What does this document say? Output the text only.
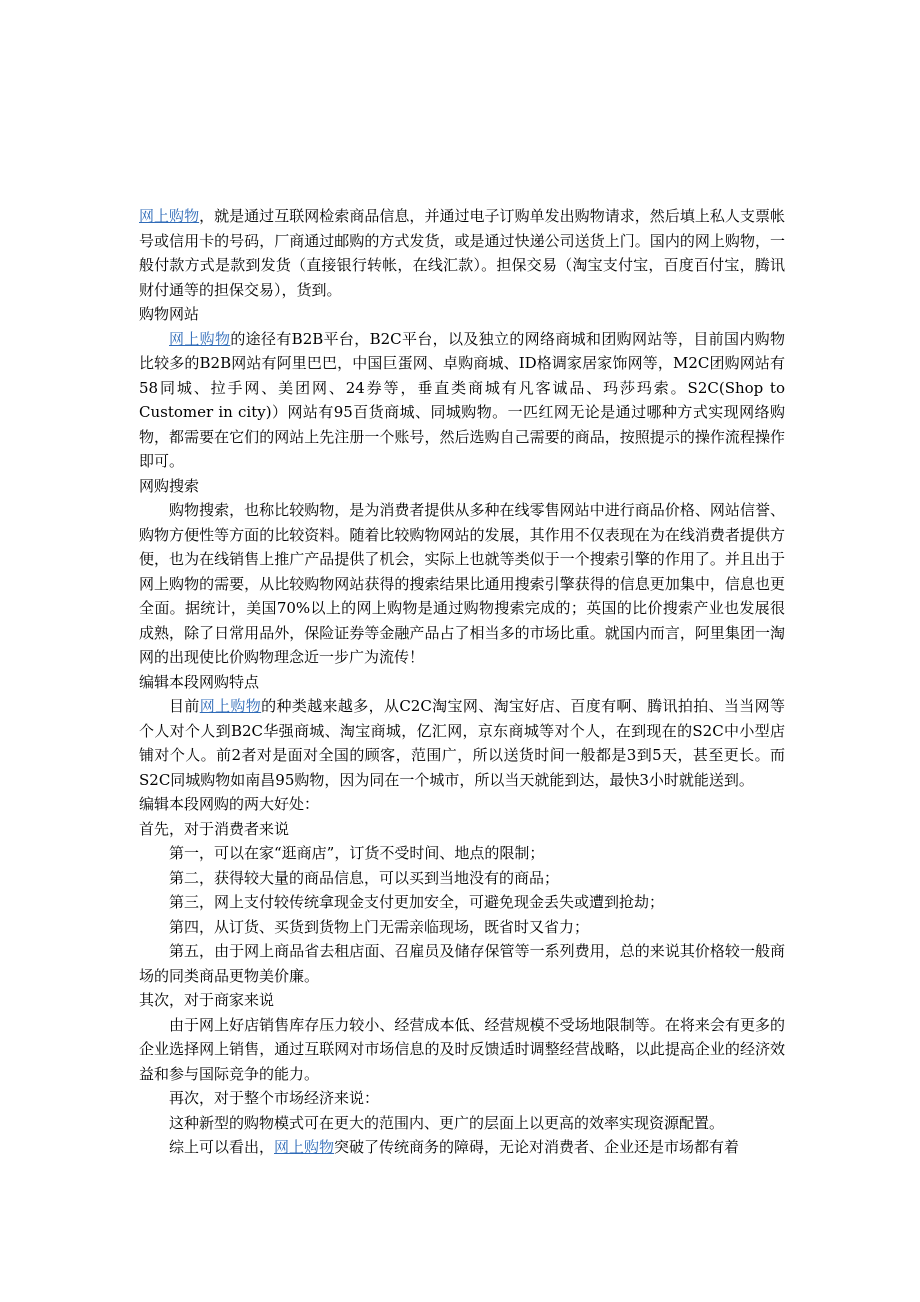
网上购物，就是通过互联网检索商品信息，并通过电子订购单发出购物请求，然后填上私人支票帐号或信用卡的号码，厂商通过邮购的方式发货，或是通过快递公司送货上门。国内的网上购物，一般付款方式是款到发货（直接银行转帐，在线汇款）。担保交易（淘宝支付宝，百度百付宝，腾讯财付通等的担保交易），货到。

购物网站

网上购物的途径有B2B平台，B2C平台，以及独立的网络商城和团购网站等，目前国内购物比较多的B2B网站有阿里巴巴，中国巨蛋网、卓购商城、ID格调家居家饰网等，M2C团购网站有58同城、拉手网、美团网、24券等，垂直类商城有凡客诚品、玛莎玛索。S2C(Shop to Customer in city)）网站有95百货商城、同城购物。一匹红网无论是通过哪种方式实现网络购物，都需要在它们的网站上先注册一个账号，然后选购自己需要的商品，按照提示的操作流程操作即可。

网购搜索

购物搜索，也称比较购物，是为消费者提供从多种在线零售网站中进行商品价格、网站信誉、购物方便性等方面的比较资料。随着比较购物网站的发展，其作用不仅表现在为在线消费者提供方便，也为在线销售上推广产品提供了机会，实际上也就等类似于一个搜索引擎的作用了。并且出于网上购物的需要，从比较购物网站获得的搜索结果比通用搜索引擎获得的信息更加集中，信息也更全面。据统计，美国70%以上的网上购物是通过购物搜索完成的；英国的比价搜索产业也发展很成熟，除了日常用品外，保险证券等金融产品占了相当多的市场比重。就国内而言，阿里集团一淘网的出现使比价购物理念近一步广为流传！

编辑本段网购特点

目前网上购物的种类越来越多，从C2C淘宝网、淘宝好店、百度有啊、腾讯拍拍、当当网等个人对个人到B2C华强商城、淘宝商城，亿汇网，京东商城等对个人，在到现在的S2C中小型店铺对个人。前2者对是面对全国的顾客，范围广，所以送货时间一般都是3到5天，甚至更长。而S2C同城购物如南昌95购物，因为同在一个城市，所以当天就能到达，最快3小时就能送到。

编辑本段网购的两大好处：

首先，对于消费者来说

第一，可以在家“逛商店”，订货不受时间、地点的限制；

第二，获得较大量的商品信息，可以买到当地没有的商品；

第三，网上支付较传统拿现金支付更加安全，可避免现金丢失或遭到抢劫；

第四，从订货、买货到货物上门无需亲临现场，既省时又省力；

第五，由于网上商品省去租店面、召雇员及储存保管等一系列费用，总的来说其价格较一般商场的同类商品更物美价廉。

其次，对于商家来说

由于网上好店销售库存压力较小、经营成本低、经营规模不受场地限制等。在将来会有更多的企业选择网上销售，通过互联网对市场信息的及时反馈适时调整经营战略，以此提高企业的经济效益和参与国际竞争的能力。

再次，对于整个市场经济来说：

这种新型的购物模式可在更大的范围内、更广的层面上以更高的效率实现资源配置。

综上可以看出，网上购物突破了传统商务的障碍，无论对消费者、企业还是市场都有着
